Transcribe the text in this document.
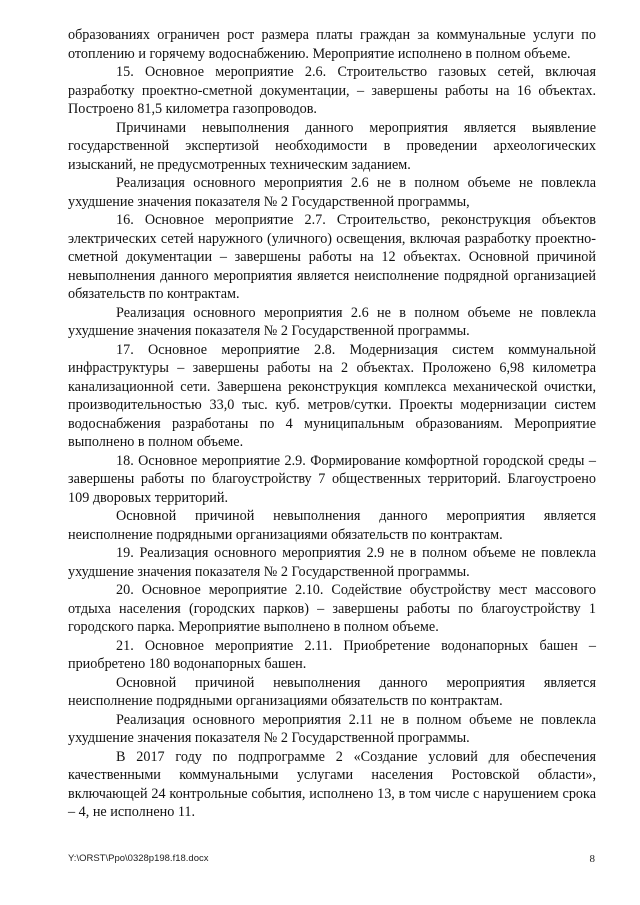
образованиях ограничен рост размера платы граждан за коммунальные услуги по отоплению и горячему водоснабжению. Мероприятие исполнено в полном объеме.

15. Основное мероприятие 2.6. Строительство газовых сетей, включая разработку проектно-сметной документации, – завершены работы на 16 объектах. Построено 81,5 километра газопроводов.

Причинами невыполнения данного мероприятия является выявление государственной экспертизой необходимости в проведении археологических изысканий, не предусмотренных техническим заданием.

Реализация основного мероприятия 2.6 не в полном объеме не повлекла ухудшение значения показателя № 2 Государственной программы,

16. Основное мероприятие 2.7. Строительство, реконструкция объектов электрических сетей наружного (уличного) освещения, включая разработку проектно-сметной документации – завершены работы на 12 объектах. Основной причиной невыполнения данного мероприятия является неисполнение подрядной организацией обязательств по контрактам.

Реализация основного мероприятия 2.6 не в полном объеме не повлекла ухудшение значения показателя № 2 Государственной программы.

17. Основное мероприятие 2.8. Модернизация систем коммунальной инфраструктуры – завершены работы на 2 объектах. Проложено 6,98 километра канализационной сети. Завершена реконструкция комплекса механической очистки, производительностью 33,0 тыс. куб. метров/сутки. Проекты модернизации систем водоснабжения разработаны по 4 муниципальным образованиям. Мероприятие выполнено в полном объеме.

18. Основное мероприятие 2.9. Формирование комфортной городской среды – завершены работы по благоустройству 7 общественных территорий. Благоустроено 109 дворовых территорий.

Основной причиной невыполнения данного мероприятия является неисполнение подрядными организациями обязательств по контрактам.

19. Реализация основного мероприятия 2.9 не в полном объеме не повлекла ухудшение значения показателя № 2 Государственной программы.

20. Основное мероприятие 2.10. Содействие обустройству мест массового отдыха населения (городских парков) – завершены работы по благоустройству 1 городского парка. Мероприятие выполнено в полном объеме.

21. Основное мероприятие 2.11. Приобретение водонапорных башен – приобретено 180 водонапорных башен.

Основной причиной невыполнения данного мероприятия является неисполнение подрядными организациями обязательств по контрактам.

Реализация основного мероприятия 2.11 не в полном объеме не повлекла ухудшение значения показателя № 2 Государственной программы.

В 2017 году по подпрограмме 2 «Создание условий для обеспечения качественными коммунальными услугами населения Ростовской области», включающей 24 контрольные события, исполнено 13, в том числе с нарушением срока – 4, не исполнено 11.

Y:\ORST\Ppo\0328p198.f18.docx	8
